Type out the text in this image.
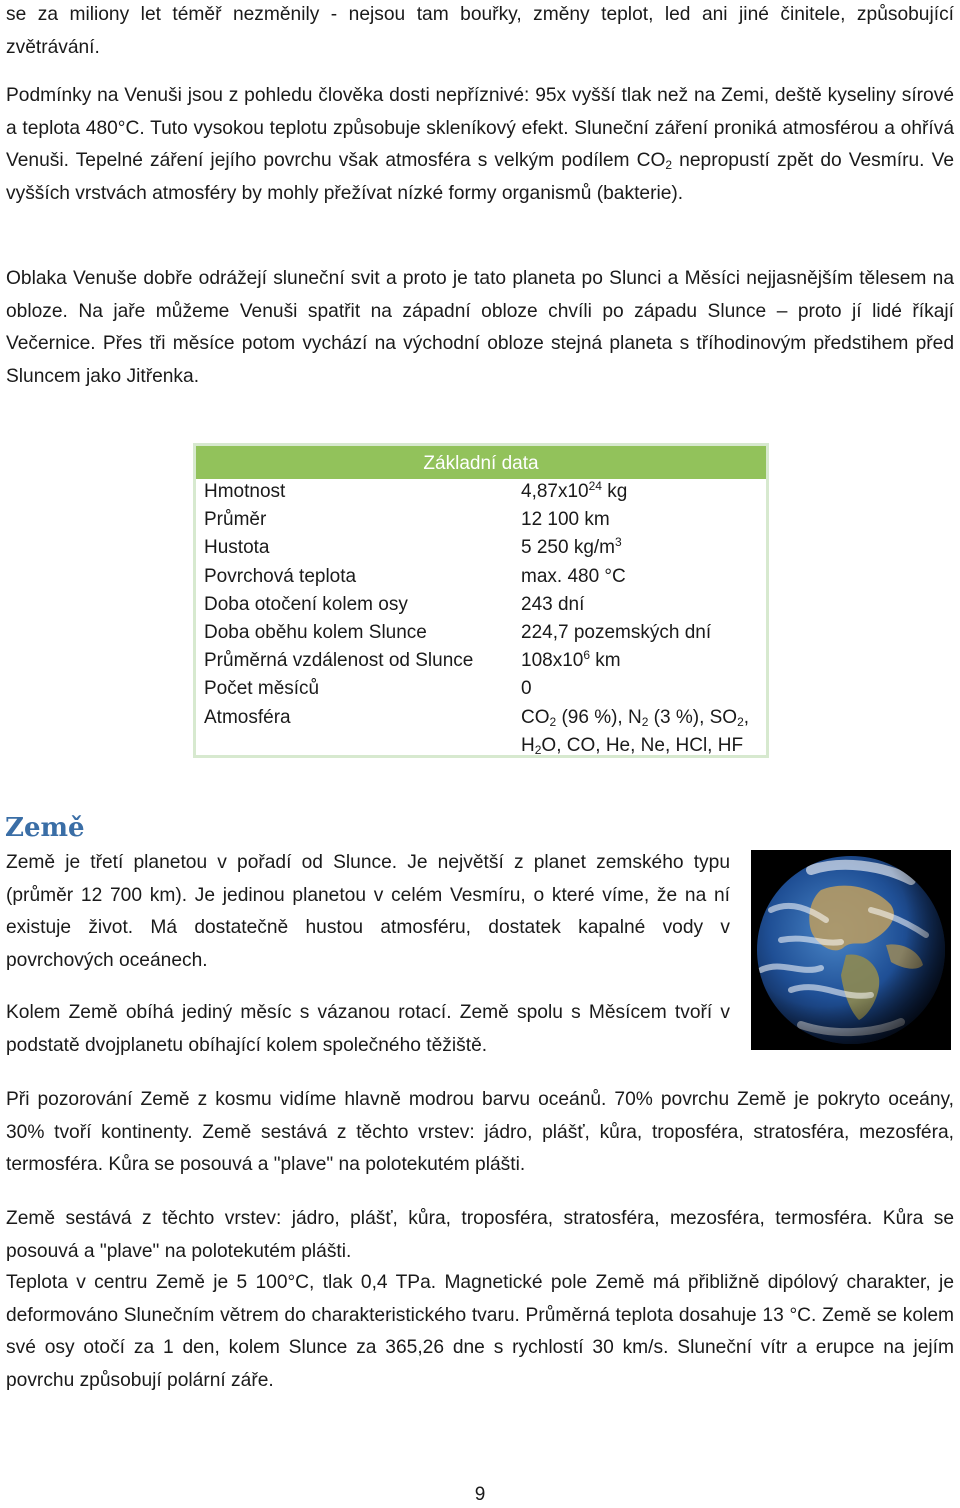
se za miliony let téměř nezměnily - nejsou tam bouřky, změny teplot, led ani jiné činitele, způsobující zvětrávání.

Podmínky na Venuši jsou z pohledu člověka dosti nepříznivé: 95x vyšší tlak než na Zemi, deště kyseliny sírové a teplota 480°C. Tuto vysokou teplotu způsobuje skleníkový efekt. Sluneční záření proniká atmosférou a ohřívá Venuši. Tepelné záření jejího povrchu však atmosféra s velkým podílem $CO_2$ nepropustí zpět do Vesmíru. Ve vyšších vrstvách atmosféry by mohly přežívat nízké formy organismů (bakterie).

Oblaka Venuše dobře odrážejí sluneční svit a proto je tato planeta po Slunci a Měsíci nejjasnějším tělesem na obloze. Na jaře můžeme Venuši spatřit na západní obloze chvíli po západu Slunce – proto jí lidé říkají Večernice. Přes tři měsíce potom vychází na východní obloze stejná planeta s tříhodinovým předstihem před Sluncem jako Jitřenka.

Základní data
Hmotnost	$4,87x10^{24}$ kg
Průměr	12 100 km
Hustota	5 250 $kg/m^3$
Povrchová teplota	max. 480 °C
Doba otočení kolem osy	243 dní
Doba oběhu kolem Slunce	224,7 pozemských dní
Průměrná vzdálenost od Slunce	$108x10^6$ km
Počet měsíců	0
Atmosféra	$CO_2$ (96 %), $N_2$ (3 %), $SO_2$,
$H_2O$, CO, He, Ne, HCl, HF
Země

Země je třetí planetou v pořadí od Slunce. Je největší z planet zemského typu (průměr 12 700 km). Je jedinou planetou v celém Vesmíru, o které víme, že na ní existuje život. Má dostatečně hustou atmosféru, dostatek kapalné vody v povrchových oceánech.

Kolem Země obíhá jediný měsíc s vázanou rotací. Země spolu s Měsícem tvoří v podstatě dvojplanetu obíhající kolem společného těžiště.

Při pozorování Země z kosmu vidíme hlavně modrou barvu oceánů. 70% povrchu Země je pokryto oceány, 30% tvoří kontinenty. Země sestává z těchto vrstev: jádro, plášť, kůra, troposféra, stratosféra, mezosféra, termosféra. Kůra se posouvá a "plave" na polotekutém plášti.

Země sestává z těchto vrstev: jádro, plášť, kůra, troposféra, stratosféra, mezosféra, termosféra. Kůra se posouvá a "plave" na polotekutém plášti.

Teplota v centru Země je 5 100°C, tlak 0,4 TPa. Magnetické pole Země má přibližně dipólový charakter, je deformováno Slunečním větrem do charakteristického tvaru. Průměrná teplota dosahuje 13 °C. Země se kolem své osy otočí za 1 den, kolem Slunce za 365,26 dne s rychlostí 30 km/s. Sluneční vítr a erupce na jejím povrchu způsobují polární záře.

9
